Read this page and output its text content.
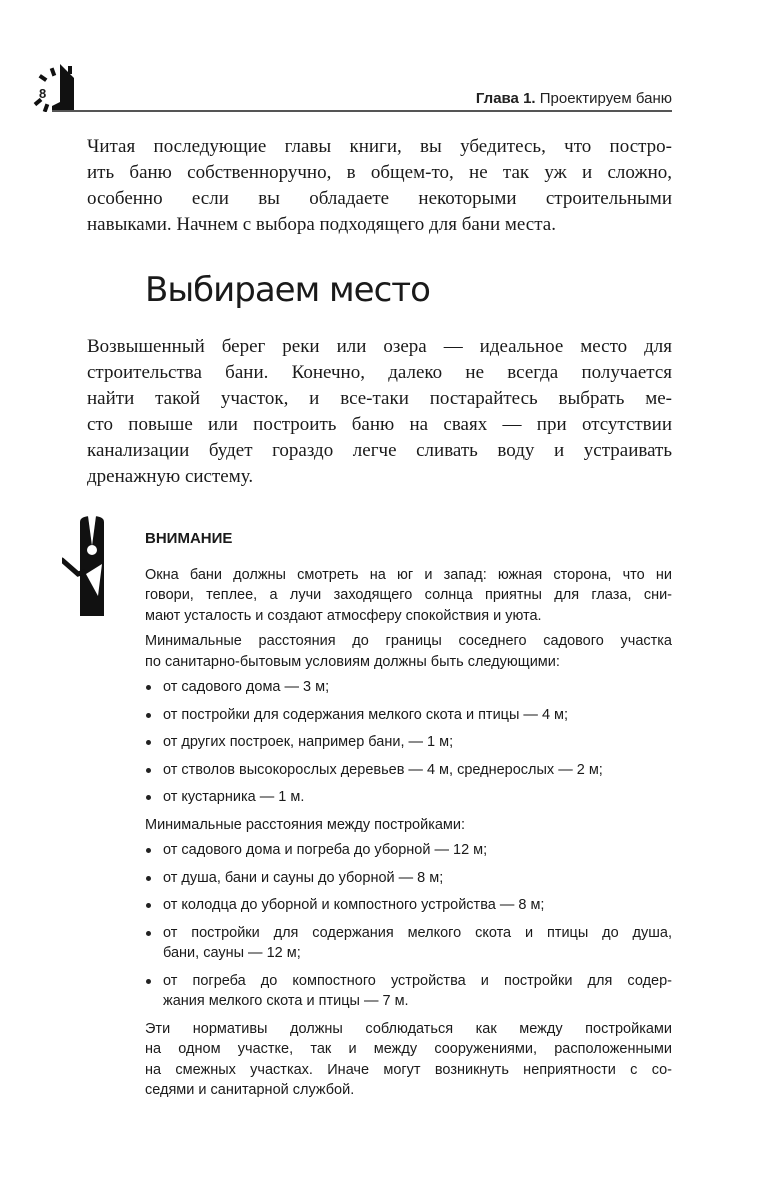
8	Глава 1. Проектируем баню
Читая последующие главы книги, вы убедитесь, что постро-
ить баню собственноручно, в общем-то, не так уж и сложно,
особенно если вы обладаете некоторыми строительными
навыками. Начнем с выбора подходящего для бани места.
Выбираем место
Возвышенный берег реки или озера — идеальное место для
строительства бани. Конечно, далеко не всегда получается
найти такой участок, и все-таки постарайтесь выбрать ме-
сто повыше или построить баню на сваях — при отсутствии
канализации будет гораздо легче сливать воду и устраивать
дренажную систему.
ВНИМАНИЕ
Окна бани должны смотреть на юг и запад: южная сторона, что ни
говори, теплее, а лучи заходящего солнца приятны для глаза, сни-
мают усталость и создают атмосферу спокойствия и уюта.
Минимальные расстояния до границы соседнего садового участка
по санитарно-бытовым условиям должны быть следующими:
от садового дома — 3 м;
от постройки для содержания мелкого скота и птицы — 4 м;
от других построек, например бани, — 1 м;
от стволов высокорослых деревьев — 4 м, среднерослых — 2 м;
от кустарника — 1 м.
Минимальные расстояния между постройками:
от садового дома и погреба до уборной — 12 м;
от душа, бани и сауны до уборной — 8 м;
от колодца до уборной и компостного устройства — 8 м;
от постройки для содержания мелкого скота и птицы до душа,
бани, сауны — 12 м;
от погреба до компостного устройства и постройки для содер-
жания мелкого скота и птицы — 7 м.
Эти нормативы должны соблюдаться как между постройками
на одном участке, так и между сооружениями, расположенными
на смежных участках. Иначе могут возникнуть неприятности с со-
седями и санитарной службой.
